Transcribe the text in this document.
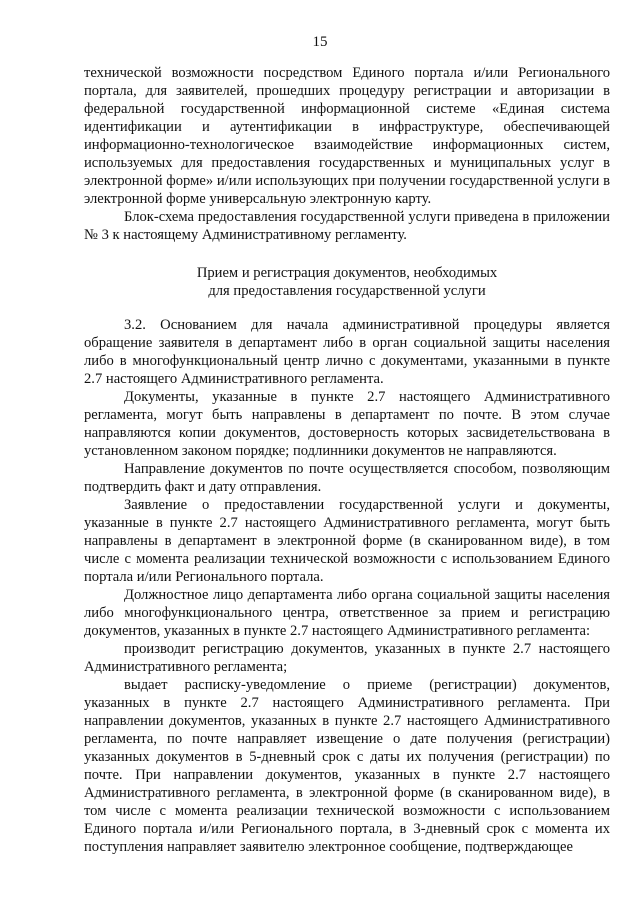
15

технической возможности посредством Единого портала и/или Регионального портала, для заявителей, прошедших процедуру регистрации и авторизации в федеральной государственной информационной системе «Единая система идентификации и аутентификации в инфраструктуре, обеспечивающей информационно-технологическое взаимодействие информационных систем, используемых для предоставления государственных и муниципальных услуг в электронной форме» и/или использующих при получении государственной услуги в электронной форме универсальную электронную карту.

Блок-схема предоставления государственной услуги приведена в приложении № 3 к настоящему Административному регламенту.

Прием и регистрация документов, необходимых
для предоставления государственной услуги

3.2. Основанием для начала административной процедуры является обращение заявителя в департамент либо в орган социальной защиты населения либо в многофункциональный центр лично с документами, указанными в пункте 2.7 настоящего Административного регламента.

Документы, указанные в пункте 2.7 настоящего Административного регламента, могут быть направлены в департамент по почте. В этом случае направляются копии документов, достоверность которых засвидетельствована в установленном законом порядке; подлинники документов не направляются.

Направление документов по почте осуществляется способом, позволяющим подтвердить факт и дату отправления.

Заявление о предоставлении государственной услуги и документы, указанные в пункте 2.7 настоящего Административного регламента, могут быть направлены в департамент в электронной форме (в сканированном виде), в том числе с момента реализации технической возможности с использованием Единого портала и/или Регионального портала.

Должностное лицо департамента либо органа социальной защиты населения либо многофункционального центра, ответственное за прием и регистрацию документов, указанных в пункте 2.7 настоящего Административного регламента:

производит регистрацию документов, указанных в пункте 2.7 настоящего Административного регламента;

выдает расписку-уведомление о приеме (регистрации) документов, указанных в пункте 2.7 настоящего Административного регламента. При направлении документов, указанных в пункте 2.7 настоящего Административного регламента, по почте направляет извещение о дате получения (регистрации) указанных документов в 5-дневный срок с даты их получения (регистрации) по почте. При направлении документов, указанных в пункте 2.7 настоящего Административного регламента, в электронной форме (в сканированном виде), в том числе с момента реализации технической возможности с использованием Единого портала и/или Регионального портала, в 3-дневный срок с момента их поступления направляет заявителю электронное сообщение, подтверждающее
